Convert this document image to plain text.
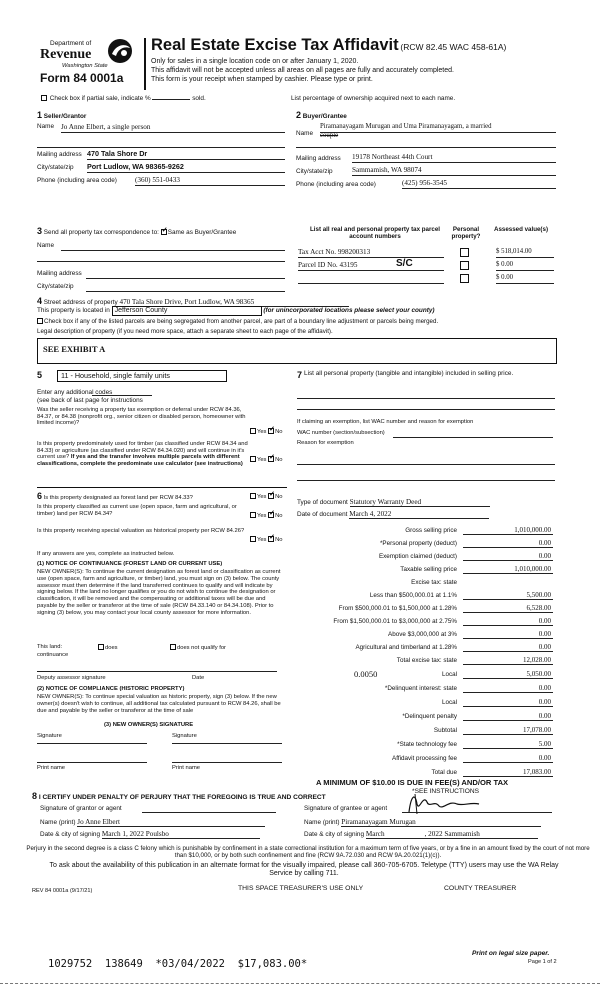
Department of
Revenue
Washington State
Form 84 0001a
Real Estate Excise Tax Affidavit (RCW 82.45 WAC 458-61A)
Only for sales in a single location code on or after January 1, 2020.
This affidavit will not be accepted unless all areas on all pages are fully and accurately completed.
This form is your receipt when stamped by cashier. Please type or print.
Check box if partial sale, indicate %	sold.	List percentage of ownership acquired next to each name.
1 Seller/Grantor
Name Jo Anne Elbert, a single person
Mailing address 470 Tala Shore Dr
City/state/zip Port Ludlow, WA 98365-9262
Phone (including area code)	(360) 551-0433
2 Buyer/Grantee
Name
Piramanayagam Murugan and Uma Piramanayagam, a married
couple
Mailing address 19178 Northeast 44th Court
City/state/zip	Sammamish, WA 98074
Phone (including area code)	(425) 956-3545
3 Send all property tax correspondence to: ✓ Same as Buyer/Grantee
Name
Mailing address
City/state/zip
List all real and personal property tax parcel account numbers
Personal property?
Assessed value(s)
Tax Acct No. 998200313	$ 518,014.00
Parcel ID No. 43195	S/C	$ 0.00
$ 0.00
4 Street address of property 470 Tala Shore Drive, Port Ludlow, WA 98365
This property is located in Jefferson County	(for unincorporated locations please select your county)
Check box if any of the listed parcels are being segregated from another parcel, are part of a boundary line adjustment or parcels being merged.
Legal description of property (if you need more space, attach a separate sheet to each page of the affidavit).
SEE EXHIBIT A
5	11 - Household, single family units
Enter any additional codes
(see back of last page for instructions
Was the seller receiving a property tax exemption or deferral under RCW 84.36, 84.37, or 84.38 (nonprofit org., senior citizen or disabled person, homeowner with limited income)?
Yes ✓ No
Is this property predominately used for timber (as classified under RCW 84.34 and 84.33) or agriculture (as classified under RCW 84.34.020) and will continue in it's current use? If yes and the transfer involves multiple parcels with different classifications, complete the predominate use calculator (see instructions)
Yes ✓ No
6 Is this property designated as forest land per RCW 84.33?	Yes ✓ No
Is this property classified as current use (open space, farm and agricultural, or timber) land per RCW 84.34?	Yes ✓ No
Is this property receiving special valuation as historical property per RCW 84.26?
Yes ✓ No
If any answers are yes, complete as instructed below.
(1) NOTICE OF CONTINUANCE (FOREST LAND OR CURRENT USE)
NEW OWNER(S): To continue the current designation as forest land or classification as current use (open space, farm and agriculture, or timber) land, you must sign on (3) below. The county assessor must then determine if the land transferred continues to qualify and will indicate by signing below. If the land no longer qualifies or you do not wish to continue the designation or classification, it will be removed and the compensating or additional taxes will be due and payable by the seller or transferor at the time of sale (RCW 84.33.140 or 84.34.108). Prior to signing (3) below, you may contact your local county assessor for more information.
This land:	does	does not qualify for
continuance
Deputy assessor signature	Date
(2) NOTICE OF COMPLIANCE (HISTORIC PROPERTY)
NEW OWNER(S): To continue special valuation as historic property, sign (3) below. If the new owner(s) doesn't wish to continue, all additional tax calculated pursuant to RCW 84.26, shall be due and payable by the seller or transferor at the time of sale
(3) NEW OWNER(S) SIGNATURE
Signature	Signature
Print name	Print name
7 List all personal property (tangible and intangible) included in selling price.
If claiming an exemption, list WAC number and reason for exemption
WAC number (section/subsection)
Reason for exemption
Type of document Statutory Warranty Deed
Date of document March 4, 2022
Gross selling price	1,010,000.00
*Personal property (deduct)	0.00
Exemption claimed (deduct)	0.00
Taxable selling price	1,010,000.00
Excise tax: state
Less than $500,000.01 at 1.1%	5,500.00
From $500,000.01 to $1,500,000 at 1.28%	6,528.00
From $1,500,000.01 to $3,000,000 at 2.75%	0.00
Above $3,000,000 at 3%	0.00
Agricultural and timberland at 1.28%	0.00
Total excise tax: state	12,028.00
0.0050	Local	5,050.00
*Delinquent interest: state	0.00
Local	0.00
*Delinquent penalty	0.00
Subtotal	17,078.00
*State technology fee	5.00
Affidavit processing fee	0.00
Total due	17,083.00
A MINIMUM OF $10.00 IS DUE IN FEE(S) AND/OR TAX
*SEE INSTRUCTIONS
8 I CERTIFY UNDER PENALTY OF PERJURY THAT THE FOREGOING IS TRUE AND CORRECT
Signature of grantor or agent
Name (print) Jo Anne Elbert
Date & city of signing March 1, 2022 Poulsbo
Signature of grantee or agent
Name (print) Piramanayagam Murugan
Date & city of signing March	, 2022 Sammamish
Perjury in the second degree is a class C felony which is punishable by confinement in a state correctional institution for a maximum term of five years, or by a fine in an amount fixed by the court of not more than $10,000, or by both such confinement and fine (RCW 9A.72.030 and RCW 9A.20.021(1)(c)).
To ask about the availability of this publication in an alternate format for the visually impaired, please call 360-705-6705. Teletype (TTY) users may use the WA Relay Service by calling 711.
REV 84 0001a (9/17/21)	THIS SPACE TREASURER'S USE ONLY	COUNTY TREASURER
Print on legal size paper.
Page 1 of 2
1029752  138649  *03/04/2022  $17,083.00*
